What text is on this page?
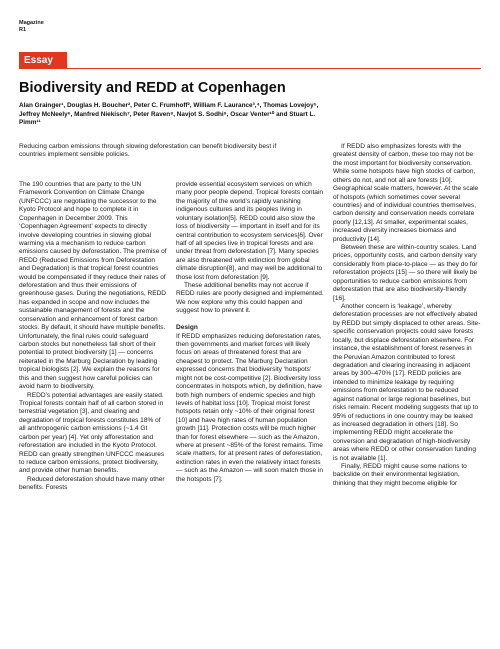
Magazine
R1
Essay
Biodiversity and REDD at Copenhagen
Alan Grainger¹, Douglas H. Boucher², Peter C. Frumhoff², William F. Laurance³,⁴, Thomas Lovejoy⁵, Jeffrey McNeely⁶, Manfred Niekisch⁷, Peter Raven⁸, Navjot S. Sodhi⁹, Oscar Venter¹⁰ and Stuart L. Pimm¹¹
Reducing carbon emissions through slowing deforestation can benefit biodiversity best if countries implement sensible policies.

The 190 countries that are party to the UN Framework Convention on Climate Change (UNFCCC) are negotiating the successor to the Kyoto Protocol and hope to complete it in Copenhagen in December 2009. This ‘Copenhagen Agreement’ expects to directly involve developing countries in slowing global warming via a mechanism to reduce carbon emissions caused by deforestation. The premise of REDD (Reduced Emissions from Deforestation and Degradation) is that tropical forest countries would be compensated if they reduce their rates of deforestation and thus their emissions of greenhouse gases. During the negotiations, REDD has expanded in scope and now includes the sustainable management of forests and the conservation and enhancement of forest carbon stocks. By default, it should have multiple benefits. Unfortunately, the final rules could safeguard carbon stocks but nonetheless fall short of their potential to protect biodiversity [1] — concerns reiterated in the Marburg Declaration by leading tropical biologists [2]. We explain the reasons for this and then suggest how careful policies can avoid harm to biodiversity.

REDD’s potential advantages are easily stated. Tropical forests contain half of all carbon stored in terrestrial vegetation [3], and clearing and degradation of tropical forests constitutes 18% of all anthropogenic carbon emissions (~1.4 Gt carbon per year) [4]. Yet only afforestation and reforestation are included in the Kyoto Protocol. REDD can greatly strengthen UNFCCC measures to reduce carbon emissions, protect biodiversity, and provide other human benefits.

Reduced deforestation should have many other benefits. Forests

provide essential ecosystem services on which many poor people depend. Tropical forests contain the majority of the world’s rapidly vanishing indigenous cultures and its peoples living in voluntary isolation[5]. REDD could also slow the loss of biodiversity — important in itself and for its central contribution to ecosystem services[6]. Over half of all species live in tropical forests and are under threat from deforestation [7]. Many species are also threatened with extinction from global climate disruption[8], and may well be additional to those lost from deforestation [9].

These additional benefits may not accrue if REDD rules are poorly designed and implemented. We now explore why this could happen and suggest how to prevent it.

Design

If REDD emphasizes reducing deforestation rates, then governments and market forces will likely focus on areas of threatened forest that are cheapest to protect. The Marburg Declaration expressed concerns that biodiversity ‘hotspots’ might not be cost-competitive [2]. Biodiversity loss concentrates in hotspots which, by definition, have both high numbers of endemic species and high levels of habitat loss [10]. Tropical moist forest hotspots retain only ~10% of their original forest [10] and have high rates of human population growth [11]. Protection costs will be much higher than for forest elsewhere — such as the Amazon, where at present ~85% of the forest remains. Time scale matters, for at present rates of deforestation, extinction rates in even the relatively intact forests — such as the Amazon — will soon match those in the hotspots [7].

If REDD also emphasizes forests with the greatest density of carbon, these too may not be the most important for biodiversity conservation. While some hotspots have high stocks of carbon, others do not, and not all are forests [10]. Geographical scale matters, however. At the scale of hotspots (which sometimes cover several countries) and of individual countries themselves, carbon density and conservation needs correlate poorly [12,13]. At smaller, experimental scales, increased diversity increases biomass and productivity [14].

Between these are within-country scales. Land prices, opportunity costs, and carbon density vary considerably from place-to-place — as they do for reforestation projects [15] — so there will likely be opportunities to reduce carbon emissions from deforestation that are also biodiversity-friendly [16].

Another concern is ‘leakage’, whereby deforestation processes are not effectively abated by REDD but simply displaced to other areas. Site-specific conservation projects could save forests locally, but displace deforestation elsewhere. For instance, the establishment of forest reserves in the Peruvian Amazon contributed to forest degradation and clearing increasing in adjacent areas by 300–470% [17]. REDD policies are intended to minimize leakage by requiring emissions from deforestation to be reduced against national or large regional baselines, but risks remain. Recent modeling suggests that up to 95% of reductions in one country may be leaked as increased degradation in others [18]. So implementing REDD might accelerate the conversion and degradation of high-biodiversity areas where REDD or other conservation funding is not available [1].

Finally, REDD might cause some nations to backslide on their environmental legislation, thinking that they might become eligible for
